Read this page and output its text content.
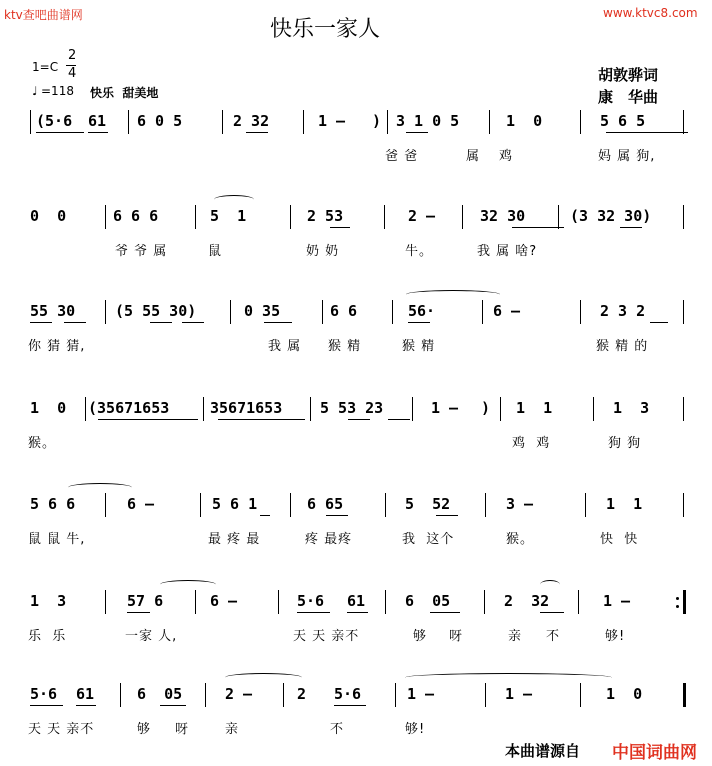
ktv查吧曲谱网	www.ktvc8.com
快乐一家人
胡敦骅词
康　华曲
1=C
2
4
♩ =118 快乐  甜美地
(5·6 61 6 0 5	2 32	1 – ) 3 1 0 5	1  0	5 6 5
爸 爸	属 鸡	妈 属 狗,
0  0	6 6 6	5  1	2 53	2 –	32 30	(3 32 30)
爷 爷 属	鼠	奶 奶	牛。	我 属 啥?
55 30	(5 55 30)	0 35	6 6	56·	6 –	2 3 2
你 猜 猜,	我 属 猴 精	猴 精	猴 精 的
1  0 (35671653	35671653	5 53 23	1 – ) 1  1	1  3
猴。	鸡  鸡	狗 狗
5 6 6	6 –	5 6 1	6 65	5  52	3 –	1  1
鼠 鼠 牛,	最 疼 最	疼 最疼	我  这个	猴。	快  快
1  3	57 6	6 –	5·6 61	6  05	2  32	1 –
乐  乐	一家 人,	天 天 亲不	够 呀	亲 不	够!
5·6 61	6  05	2 –	2 5·6	1 –	1 –	1  0
天 天 亲不	够 呀	亲	不	够!
本曲谱源自 中国词曲网
